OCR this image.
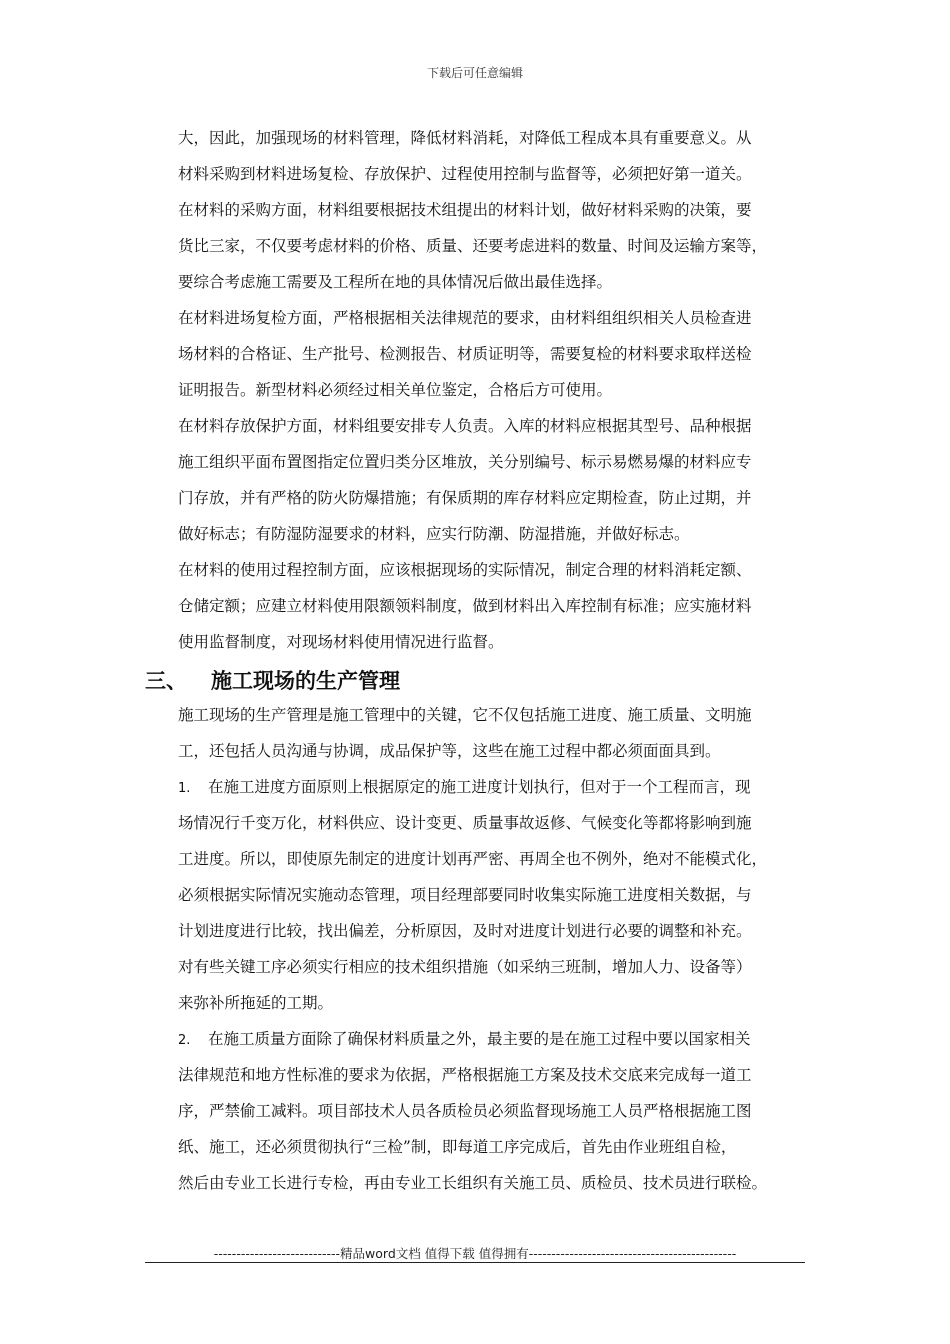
下载后可任意编辑
大，因此，加强现场的材料管理，降低材料消耗，对降低工程成本具有重要意义。从
材料采购到材料进场复检、存放保护、过程使用控制与监督等，必须把好第一道关。
在材料的采购方面，材料组要根据技术组提出的材料计划，做好材料采购的决策，要
货比三家，不仅要考虑材料的价格、质量、还要考虑进料的数量、时间及运输方案等，
要综合考虑施工需要及工程所在地的具体情况后做出最佳选择。
在材料进场复检方面，严格根据相关法律规范的要求，由材料组组织相关人员检查进
场材料的合格证、生产批号、检测报告、材质证明等，需要复检的材料要求取样送检
证明报告。新型材料必须经过相关单位鉴定，合格后方可使用。
在材料存放保护方面，材料组要安排专人负责。入库的材料应根据其型号、品种根据
施工组织平面布置图指定位置归类分区堆放，关分别编号、标示易燃易爆的材料应专
门存放，并有严格的防火防爆措施；有保质期的库存材料应定期检查，防止过期，并
做好标志；有防湿防湿要求的材料，应实行防潮、防湿措施，并做好标志。
在材料的使用过程控制方面，应该根据现场的实际情况，制定合理的材料消耗定额、
仓储定额；应建立材料使用限额领料制度，做到材料出入库控制有标准；应实施材料
使用监督制度，对现场材料使用情况进行监督。
施工现场的生产管理是施工管理中的关键，它不仅包括施工进度、施工质量、文明施
工，还包括人员沟通与协调，成品保护等，这些在施工过程中都必须面面具到。
1. 在施工进度方面原则上根据原定的施工进度计划执行，但对于一个工程而言，现
场情况行千变万化，材料供应、设计变更、质量事故返修、气候变化等都将影响到施
工进度。所以，即使原先制定的进度计划再严密、再周全也不例外，绝对不能模式化，
必须根据实际情况实施动态管理，项目经理部要同时收集实际施工进度相关数据，与
计划进度进行比较，找出偏差，分析原因，及时对进度计划进行必要的调整和补充。
对有些关键工序必须实行相应的技术组织措施（如采纳三班制，增加人力、设备等）
来弥补所拖延的工期。
2. 在施工质量方面除了确保材料质量之外，最主要的是在施工过程中要以国家相关
法律规范和地方性标准的要求为依据，严格根据施工方案及技术交底来完成每一道工
序，严禁偷工减料。项目部技术人员各质检员必须监督现场施工人员严格根据施工图
纸、施工，还必须贯彻执行“三检”制，即每道工序完成后，首先由作业班组自检，
然后由专业工长进行专检，再由专业工长组织有关施工员、质检员、技术员进行联检。
三、 施工现场的生产管理
----------------------------精品word文档 值得下载 值得拥有----------------------------------------------
